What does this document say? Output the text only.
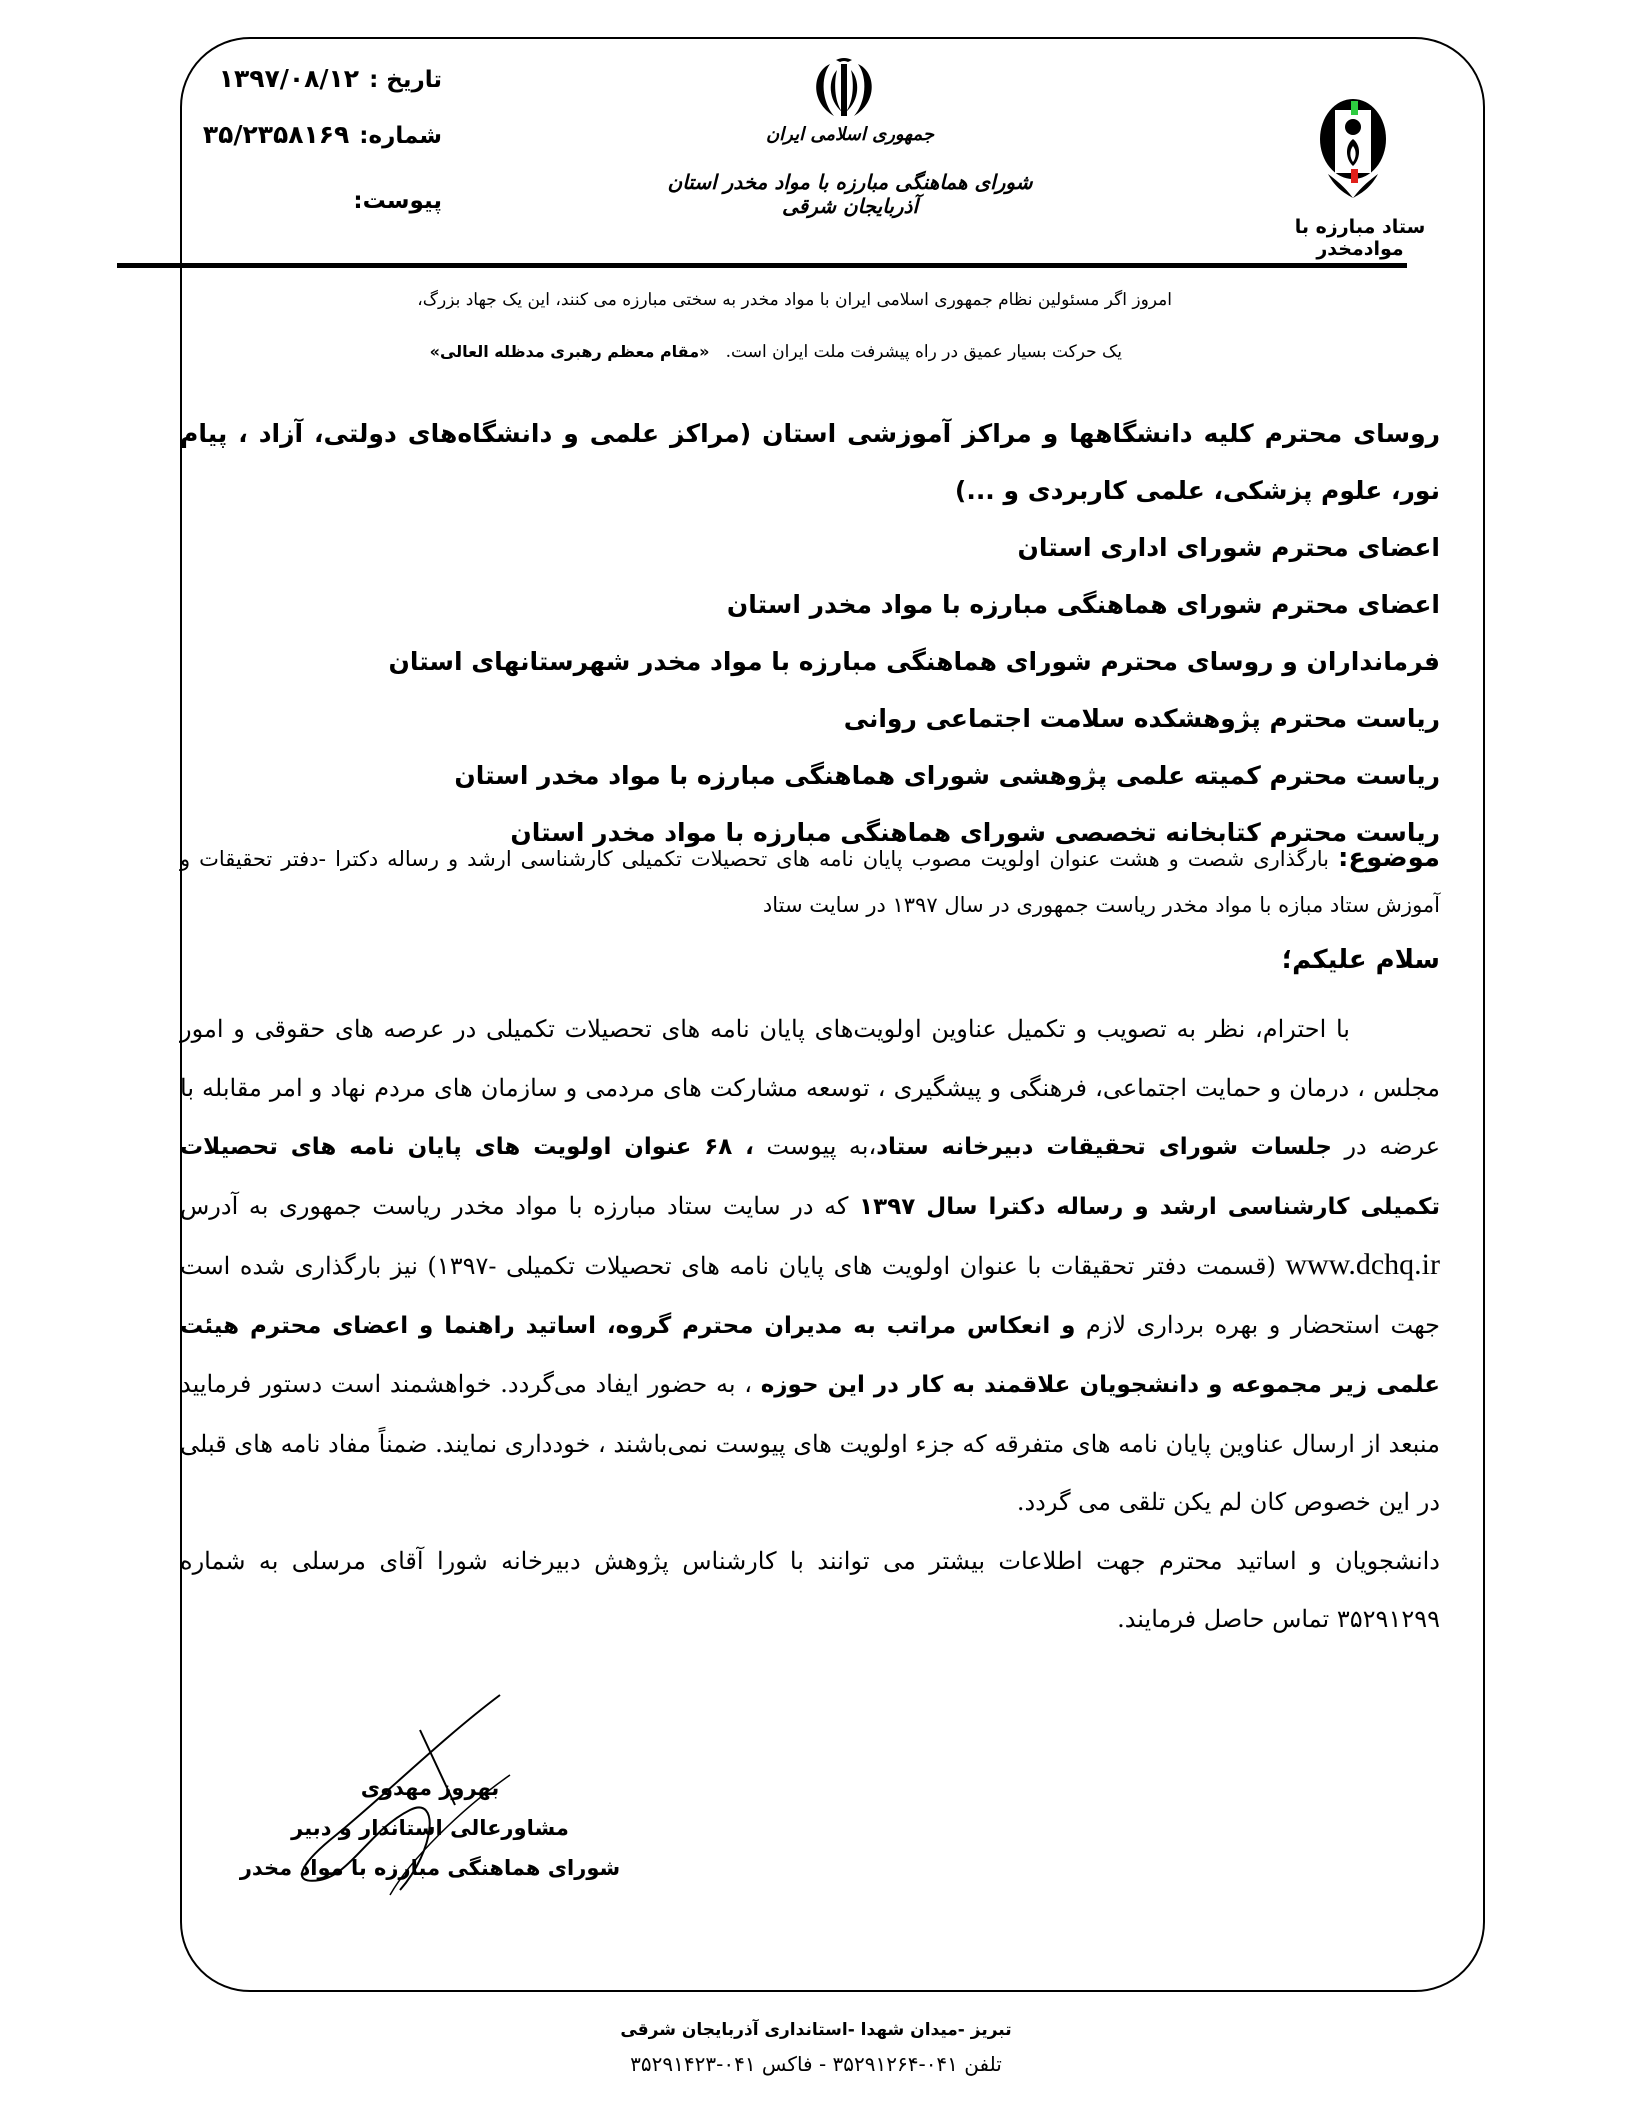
تاریخ :۱۳۹۷/۰۸/۱۲
شماره:۳۵/۲۳۵۸۱۶۹
پیوست:
جمهوری اسلامی ایران
شورای هماهنگی مبارزه با مواد مخدر استان آذربایجان شرقی
ستاد مبارزه با موادمخدر
امروز اگر مسئولین نظام جمهوری اسلامی ایران با مواد مخدر به سختی مبارزه می کنند، این یک جهاد بزرگ،
یک حرکت بسیار عمیق در راه پیشرفت ملت ایران است.   «مقام معظم رهبری مدظله العالی»
روسای محترم کلیه دانشگاهها و مراکز آموزشی استان (مراکز علمی و دانشگاه‌های دولتی، آزاد ، پیام نور، علوم پزشکی، علمی کاربردی و ...)
اعضای محترم شورای اداری استان
اعضای محترم شورای هماهنگی مبارزه با مواد مخدر استان
فرمانداران و روسای محترم شورای هماهنگی مبارزه با مواد مخدر شهرستانهای استان
ریاست محترم پژوهشکده سلامت اجتماعی روانی
ریاست محترم کمیته علمی پژوهشی شورای هماهنگی مبارزه با مواد مخدر استان
ریاست محترم کتابخانه تخصصی شورای هماهنگی مبارزه با مواد مخدر استان
موضوع: بارگذاری شصت و هشت عنوان اولویت مصوب پایان نامه های تحصیلات تکمیلی کارشناسی ارشد و رساله دکترا -دفتر تحقیقات و آموزش ستاد مبازه با مواد مخدر ریاست جمهوری در سال ۱۳۹۷ در سایت ستاد
سلام علیکم؛

با احترام، نظر به تصویب و تکمیل عناوین اولویت‌های پایان نامه های تحصیلات تکمیلی در عرصه های حقوقی و امور مجلس ، درمان و حمایت اجتماعی، فرهنگی و پیشگیری ، توسعه مشارکت های مردمی و سازمان های مردم نهاد و امر مقابله با عرضه در جلسات شورای تحقیقات دبیرخانه ستاد،به پیوست ، ۶۸ عنوان اولویت های پایان نامه های تحصیلات تکمیلی کارشناسی ارشد و رساله دکترا سال ۱۳۹۷ که در سایت ستاد مبارزه با مواد مخدر ریاست جمهوری به آدرس www.dchq.ir (قسمت دفتر تحقیقات با عنوان اولویت های پایان نامه های تحصیلات تکمیلی -۱۳۹۷) نیز بارگذاری شده است جهت استحضار و بهره برداری لازم و انعکاس مراتب به مدیران محترم گروه، اساتید راهنما و اعضای محترم هیئت علمی زیر مجموعه و دانشجویان علاقمند به کار در این حوزه ، به حضور ایفاد می‌گردد. خواهشمند است دستور فرمایید منبعد از ارسال عناوین پایان نامه های متفرقه که جزء اولویت های پیوست نمی‌باشند ، خودداری نمایند. ضمناً مفاد نامه های قبلی در این خصوص کان لم یکن تلقی می گردد.

دانشجویان و اساتید محترم جهت اطلاعات بیشتر می توانند با کارشناس پژوهش دبیرخانه شورا آقای مرسلی به شماره ۳۵۲۹۱۲۹۹ تماس حاصل فرمایند.

بهروز مهدوی
مشاورعالی استاندار و دبیر
شورای هماهنگی مبارزه با مواد مخدر
تبریز -میدان شهدا -استانداری آذربایجان شرقی
تلفن ۰۴۱-۳۵۲۹۱۲۶۴ - فاکس ۰۴۱-۳۵۲۹۱۴۲۳
